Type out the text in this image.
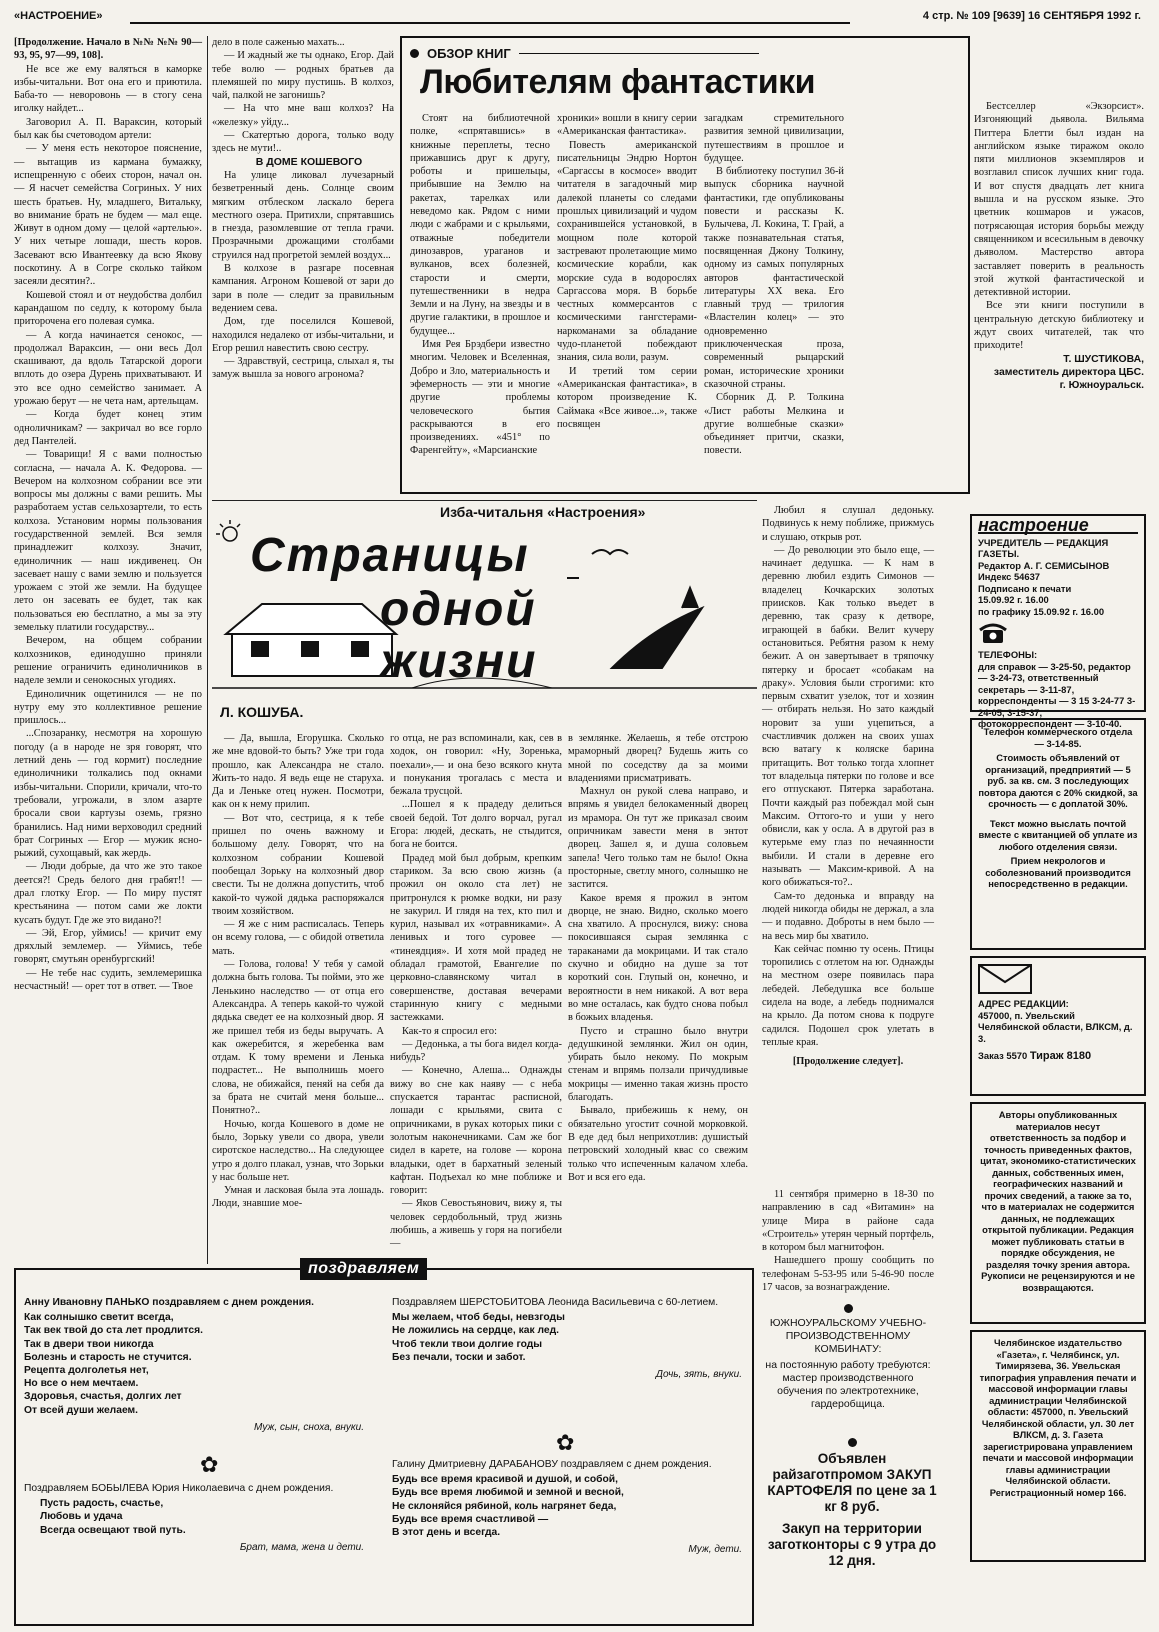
«НАСТРОЕНИЕ»	4 стр. № 109 [9639] 16 СЕНТЯБРЯ 1992 г.

[Продолжение. Начало в №№ №№ 90—93, 95, 97—99, 108].

Не все же ему валяться в каморке избы-читальни. Вот она его и приютила. Баба-то — неворовонь — в стогу сена иголку найдет...

Заговорил А. П. Вараксин, который был как бы счетоводом артели:

— У меня есть некоторое пояснение, — вытащив из кармана бумажку, испещренную с обеих сторон, начал он. — Я насчет семейства Согриных. У них шесть братьев. Ну, младшего, Витальку, во внимание брать не будем — мал еще. Живут в одном дому — целой «артелью». У них четыре лошади, шесть коров. Засевают всю Ивантеевку да всю Якову поскотину. А в Согре сколько тайком засеяли десятин?..

Кошевой стоял и от неудобства долбил карандашом по седлу, к которому была приторочена его полевая сумка.

— А когда начинается сенокос, — продолжал Вараксин, — они весь Дол скашивают, да вдоль Татарской дороги вплоть до озера Дурень прихватывают. И это все одно семейство занимает. А урожаю берут — не чета нам, артельщам.

— Когда будет конец этим одноличникам? — закричал во все горло дед Пантелей.

— Товарищи! Я с вами полностью согласна, — начала А. К. Федорова. — Вечером на колхозном собрании все эти вопросы мы должны с вами решить. Мы разработаем устав сельхозартели, то есть колхоза. Установим нормы пользования государственной землей. Вся земля принадлежит колхозу. Значит, единоличник — наш иждивенец. Он засевает нашу с вами землю и пользуется урожаем с этой же земли. На будущее лето он засевать ее будет, так как пользоваться ею бесплатно, а мы за эту земельку платили государству...

Вечером, на общем собрании колхозников, единодушно приняли решение ограничить единоличников в наделе земли и сенокосных угодиях.

Единоличник ощетинился — не по нутру ему это коллективное решение пришлось...

...Спозаранку, несмотря на хорошую погоду (а в народе не зря говорят, что летний день — год кормит) последние единоличники толкались под окнами избы-читальни. Спорили, кричали, что-то требовали, угрожали, в злом азарте бросали свои картузы оземь, грязно бранились. Над ними верховодил средний брат Согриных — Егор — мужик ясно-рыжий, сухощавый, как жердь.

— Люди добрые, да что же это такое деется?! Средь белого дня грабят!! — драл глотку Егор. — По миру пустят крестьянина — потом сами же локти кусать будут. Где же это видано?!

— Эй, Егор, уймись! — кричит ему дряхлый землемер. — Уймись, тебе говорят, смутьян оренбургский!

— Не тебе нас судить, землемеришка несчастный! — орет тот в ответ. — Твое

дело в поле саженью махать...

— И жадный же ты однако, Егор. Дай тебе волю — родных братьев да племяшей по миру пустишь. В колхоз, чай, палкой не загонишь?

— На что мне ваш колхоз? На «железку» уйду...

— Скатертью дорога, только воду здесь не мути!..

В ДОМЕ КОШЕВОГО

На улице ликовал лучезарный безветренный день. Солнце своим мягким отблеском ласкало берега местного озера. Притихли, спрятавшись в гнезда, разомлевшие от тепла грачи. Прозрачными дрожащими столбами струился над прогретой землей воздух...

В колхозе в разгаре посевная кампания. Агроном Кошевой от зари до зари в поле — следит за правильным ведением сева.

Дом, где поселился Кошевой, находился недалеко от избы-читальни, и Егор решил навестить свою сестру.

— Здравствуй, сестрица, слыхал я, ты замуж вышла за нового агронома?

ОБЗОР КНИГ
Любителям фантастики

Стоят на библиотечной полке, «спрятавшись» в книжные переплеты, тесно прижавшись друг к другу, роботы и пришельцы, прибывшие на Землю на ракетах, тарелках или неведомо как. Рядом с ними люди с жабрами и с крыльями, отважные победители динозавров, ураганов и вулканов, всех болезней, старости и смерти, путешественники в недра Земли и на Луну, на звезды и в другие галактики, в прошлое и будущее...

Имя Рея Брэдбери известно многим. Человек и Вселенная, Добро и Зло, материальность и эфемерность — эти и многие другие проблемы человеческого бытия раскрываются в его произведениях. «451° по Фаренгейту», «Марсианские

хроники» вошли в книгу серии «Американская фантастика».

Повесть американской писательницы Эндрю Нортон «Саргассы в космосе» вводит читателя в загадочный мир далекой планеты со следами прошлых цивилизаций и чудом сохранившейся установкой, в мощном поле которой застревают пролетающие мимо космические корабли, как морские суда в водорослях Саргассова моря. В борьбе честных коммерсантов с космическими гангстерами-наркоманами за обладание чудо-планетой побеждают знания, сила воли, разум.

И третий том серии «Американская фантастика», в котором произведение К. Саймака «Все живое...», также посвящен

загадкам стремительного развития земной цивилизации, путешествиям в прошлое и будущее.

В библиотеку поступил 36-й выпуск сборника научной фантастики, где опубликованы повести и рассказы К. Булычева, Л. Кокина, Т. Грай, а также познавательная статья, посвященная Джону Толкину, одному из самых популярных авторов фантастической литературы XX века. Его главный труд — трилогия «Властелин колец» — это одновременно приключенческая проза, современный рыцарский роман, исторические хроники сказочной страны.

Сборник Д. Р. Толкина «Лист работы Мелкина и другие волшебные сказки» объединяет притчи, сказки, повести.

Бестселлер «Экзорсист». Изгоняющий дьявола. Вильяма Питтера Блетти был издан на английском языке тиражом около пяти миллионов экземпляров и возглавил список лучших книг года. И вот спустя двадцать лет книга вышла и на русском языке. Это цветник кошмаров и ужасов, потрясающая история борьбы между священником и всесильным в девочку дьяволом. Мастерство автора заставляет поверить в реальность этой жуткой фантастической и детективной истории.

Все эти книги поступили в центральную детскую библиотеку и ждут своих читателей, так что приходите!

Т. ШУСТИКОВА,

заместитель директора ЦБС.

г. Южноуральск.

Изба-читальня «Настроения»
Страницы
одной
жизни
Л. КОШУБА.

— Да, вышла, Егорушка. Сколько же мне вдовой-то быть? Уже три года прошло, как Александра не стало. Жить-то надо. Я ведь еще не старуха. Да и Леньке отец нужен. Посмотри, как он к нему прилип.

— Вот что, сестрица, я к тебе пришел по очень важному и большому делу. Говорят, что на колхозном собрании Кошевой пообещал Зорьку на колхозный двор свести. Ты не должна допустить, чтоб какой-то чужой дядька распоряжался твоим хозяйством.

— Я же с ним расписалась. Теперь он всему голова, — с обидой ответила мать.

— Голова, голова! У тебя у самой должна быть голова. Ты пойми, это же Ленькино наследство — от отца его Александра. А теперь какой-то чужой дядька сведет ее на колхозный двор. Я же пришел тебя из беды выручать. А как ожеребится, я жеребенка вам отдам. К тому времени и Ленька подрастет... Не выполнишь моего слова, не обижайся, пеняй на себя да за брата не считай меня больше... Понятно?..

Ночью, когда Кошевого в доме не было, Зорьку увели со двора, увели сиротское наследство... На следующее утро я долго плакал, узнав, что Зорьки у нас больше нет.

Умная и ласковая была эта лошадь. Люди, знавшие мое-

го отца, не раз вспоминали, как, сев в ходок, он говорил: «Ну, Зоренька, поехали»,— и она безо всякого кнута и понукания трогалась с места и бежала трусцой.

...Пошел я к прадеду делиться своей бедой. Тот долго ворчал, ругал Егора: людей, дескать, не стыдится, бога не боится.

Прадед мой был добрым, крепким стариком. За всю свою жизнь (а прожил он около ста лет) не притронулся к рюмке водки, ни разу не закурил. И глядя на тех, кто пил и курил, называл их «отравниками». А ленивых и того суровее — «тинеядция». И хотя мой прадед не обладал грамотой, Евангелие по церковно-славянскому читал в совершенстве, доставая вечерами старинную книгу с медными застежками.

Как-то я спросил его:

— Дедонька, а ты бога видел когда-нибудь?

— Конечно, Алеша... Однажды вижу во сне как наяву — с неба спускается тарантас расписной, лошади с крыльями, свита с опричниками, в руках которых пики с золотым наконечниками. Сам же бог сидел в карете, на голове — корона владыки, одет в бархатный зеленый кафтан. Подъехал ко мне поближе и говорит:

— Яков Севостьянович, вижу я, ты человек сердобольный, труд жизнь любишь, а живешь у горя на погибели —

в землянке. Желаешь, я тебе отстрою мраморный дворец? Будешь жить со мной по соседству да за моими владениями присматривать.

Махнул он рукой слева направо, и впрямь я увидел белокаменный дворец из мрамора. Он тут же приказал своим опричникам завести меня в энтот дворец. Зашел я, и душа соловьем запела! Чего только там не было! Окна просторные, светлу много, солнышко не застится.

Какое время я прожил в энтом дворце, не знаю. Видно, сколько моего сна хватило. А проснулся, вижу: снова покосившаяся сырая землянка с тараканами да мокрицами. И так стало скучно и обидно на душе за тот короткий сон. Глупый он, конечно, и вероятности в нем никакой. А вот вера во мне осталась, как будто снова побыл в божьих владенья.

Пусто и страшно было внутри дедушкиной землянки. Жил он один, убирать было некому. По мокрым стенам и впрямь ползали причудливые мокрицы — именно такая жизнь просто благодать.

Бывало, прибежишь к нему, он обязательно угостит сочной морковкой. В еде дед был неприхотлив: душистый петровский холодный квас со свежим только что испеченным калачом хлеба. Вот и вся его еда.

Любил я слушал дедоньку. Подвинусь к нему поближе, прижмусь и слушаю, открыв рот.

— До революции это было еще, — начинает дедушка. — К нам в деревню любил ездить Симонов — владелец Кочкарских золотых приисков. Как только въедет в деревню, так сразу к детворе, играющей в бабки. Велит кучеру остановиться. Ребятня разом к нему бежит. А он завертывает в тряпочку пятерку и бросает «собакам на драку». Условия были строгими: кто первым схватит узелок, тот и хозяин — отбирать нельзя. Но зато каждый норовит за уши уцепиться, а счастливчик должен на своих ушах всю ватагу к коляске барина притащить. Вот только тогда хлопнет тот владельца пятерки по голове и все его отпускают. Пятерка заработана. Почти каждый раз побеждал мой сын Максим. Оттого-то и уши у него обвисли, как у осла. А в другой раз в кутерьме ему глаз по нечаянности выбили. И стали в деревне его называть — Максим-кривой. А на кого обижаться-то?..

Сам-то дедонька и вправду на людей никогда обиды не держал, а зла — и подавно. Доброты в нем было — на весь мир бы хватило.

Как сейчас помню ту осень. Птицы торопились с отлетом на юг. Однажды на местном озере появилась пара лебедей. Лебедушка все больше сидела на воде, а лебедь поднимался на крыло. Да потом снова к подруге садился. Подошел срок улетать в теплые края.

[Продолжение следует].

11 сентября примерно в 18-30 по направлению в сад «Витамин» на улице Мира в районе сада «Строитель» утерян черный портфель, в котором был магнитофон.

Нашедшего прошу сообщить по телефонам 5-53-95 или 5-46-90 после 17 часов, за вознаграждение.

ЮЖНОУРАЛЬСКОМУ УЧЕБНО-ПРОИЗВОДСТВЕННОМУ КОМБИНАТУ:
на постоянную работу требуются:
мастер производственного обучения по электротехнике,
гардеробщица.
Объявлен райзаготпромом ЗАКУП КАРТОФЕЛЯ по цене за 1 кг 8 руб.
Закуп на территории заготконторы с 9 утра до 12 дня.
настроение

УЧРЕДИТЕЛЬ — РЕДАКЦИЯ ГАЗЕТЫ.

Редактор А. Г. СЕМИСЫНОВ

Индекс 54637

Подписано к печати

15.09.92 г. 16.00

по графику 15.09.92 г. 16.00

ТЕЛЕФОНЫ:

для справок — 3-25-50, редактор — 3-24-73, ответственный секретарь — 3-11-87, корреспонденты — 3 15 3-24-77 3-24-05, 3-15-37, фотокорреспондент — 3-10-40.

Телефон коммерческого отдела — 3-14-85.

Стоимость объявлений от организаций, предприятий — 5 руб. за кв. см. З последующих повтора даются с 20% скидкой, за срочность — с доплатой 30%.

Текст можно выслать почтой вместе с квитанцией об уплате из любого отделения связи.

Прием некрологов и соболезнований производится непосредственно в редакции.

АДРЕС РЕДАКЦИИ:

457000, п. Увельский Челябинской области, ВЛКСМ, д. 3.

Заказ 5570 Тираж 8180

Авторы опубликованных материалов несут ответственность за подбор и точность приведенных фактов, цитат, экономико-статистических данных, собственных имен, географических названий и прочих сведений, а также за то, что в материалах не содержится данных, не подлежащих открытой публикации. Редакция может публиковать статьи в порядке обсуждения, не разделяя точку зрения автора. Рукописи не рецензируются и не возвращаются.

Челябинское издательство «Газета», г. Челябинск, ул. Тимирязева, 36. Увельская типография управления печати и массовой информации главы администрации Челябинской области: 457000, п. Увельский Челябинской области, ул. 30 лет ВЛКСМ, д. 3. Газета зарегистрирована управлением печати и массовой информации главы администрации Челябинской области. Регистрационный номер 166.

поздравляем

Анну Ивановну ПАНЬКО поздравляем с днем рождения.

Как солнышко светит всегда,
Так век твой до ста лет продлится.
Так в двери твои никогда
Болезнь и старость не стучится.
Рецепта долголетья нет,
Но все о нем мечтаем.
Здоровья, счастья, долгих лет
От всей души желаем.

Муж, сын, сноха, внуки.

✿

Поздравляем БОБЫЛЕВА Юрия Николаевича с днем рождения.

Пусть радость, счастье,
Любовь и удача
Всегда освещают твой путь.

Брат, мама, жена и дети.

Поздравляем ШЕРСТОБИТОВА Леонида Васильевича с 60-летием.

Мы желаем, чтоб беды, невзгоды
Не ложились на сердце, как лед.
Чтоб текли твои долгие годы
Без печали, тоски и забот.

Дочь, зять, внуки.

✿

Галину Дмитриевну ДАРАБАНОВУ поздравляем с днем рождения.

Будь все время красивой и душой, и собой,
Будь все время любимой и земной и весной,
Не склоняйся рябиной, коль нагрянет беда,
Будь все время счастливой —
В этот день и всегда.

Муж, дети.
